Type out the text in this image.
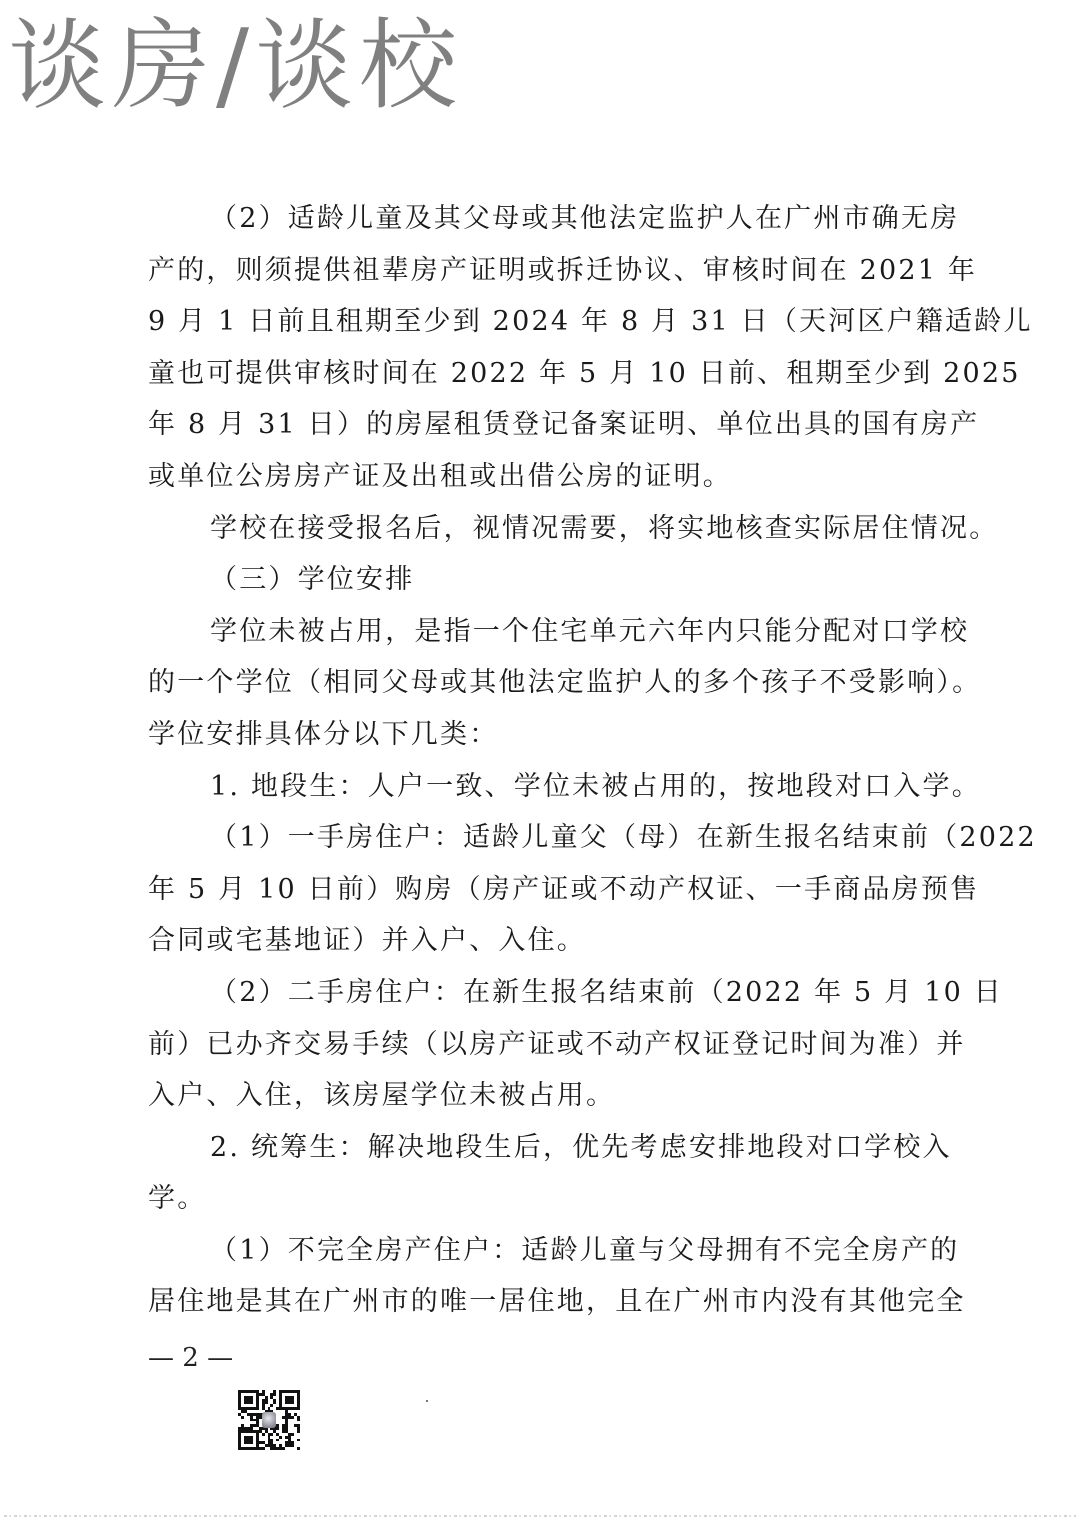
谈房/谈校
（2）适龄儿童及其父母或其他法定监护人在广州市确无房
产的，则须提供祖辈房产证明或拆迁协议、审核时间在 2021 年
9 月 1 日前且租期至少到 2024 年 8 月 31 日（天河区户籍适龄儿
童也可提供审核时间在 2022 年 5 月 10 日前、租期至少到 2025
年 8 月 31 日）的房屋租赁登记备案证明、单位出具的国有房产
或单位公房房产证及出租或出借公房的证明。
学校在接受报名后，视情况需要，将实地核查实际居住情况。
（三）学位安排
学位未被占用，是指一个住宅单元六年内只能分配对口学校
的一个学位（相同父母或其他法定监护人的多个孩子不受影响）。
学位安排具体分以下几类：
1. 地段生：人户一致、学位未被占用的，按地段对口入学。
（1）一手房住户：适龄儿童父（母）在新生报名结束前（2022
年 5 月 10 日前）购房（房产证或不动产权证、一手商品房预售
合同或宅基地证）并入户、入住。
（2）二手房住户：在新生报名结束前（2022 年 5 月 10 日
前）已办齐交易手续（以房产证或不动产权证登记时间为准）并
入户、入住，该房屋学位未被占用。
2. 统筹生：解决地段生后，优先考虑安排地段对口学校入
学。
（1）不完全房产住户：适龄儿童与父母拥有不完全房产的
居住地是其在广州市的唯一居住地，且在广州市内没有其他完全
— 2 —
